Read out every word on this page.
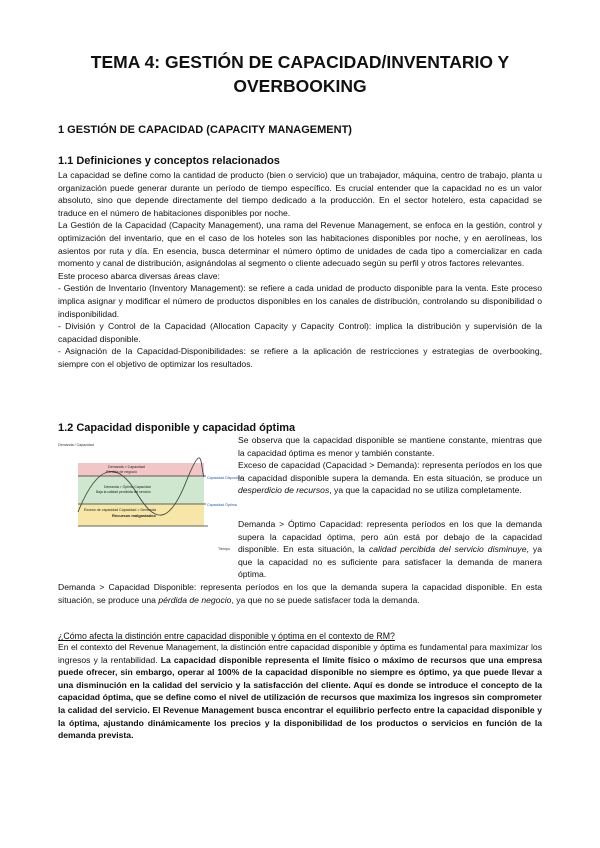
TEMA 4: GESTIÓN DE CAPACIDAD/INVENTARIO Y
OVERBOOKING
1 GESTIÓN DE CAPACIDAD (CAPACITY MANAGEMENT)

1.1 Definiciones y conceptos relacionados

La capacidad se define como la cantidad de producto (bien o servicio) que un trabajador, máquina, centro de trabajo, planta u organización puede generar durante un período de tiempo específico. Es crucial entender que la capacidad no es un valor absoluto, sino que depende directamente del tiempo dedicado a la producción. En el sector hotelero, esta capacidad se traduce en el número de habitaciones disponibles por noche.

La Gestión de la Capacidad (Capacity Management), una rama del Revenue Management, se enfoca en la gestión, control y optimización del inventario, que en el caso de los hoteles son las habitaciones disponibles por noche, y en aerolíneas, los asientos por ruta y día. En esencia, busca determinar el número óptimo de unidades de cada tipo a comercializar en cada momento y canal de distribución, asignándolas al segmento o cliente adecuado según su perfil y otros factores relevantes.

Este proceso abarca diversas áreas clave:

- Gestión de Inventario (Inventory Management): se refiere a cada unidad de producto disponible para la venta. Este proceso implica asignar y modificar el número de productos disponibles en los canales de distribución, controlando su disponibilidad o indisponibilidad.

- División y Control de la Capacidad (Allocation Capacity y Capacity Control): implica la distribución y supervisión de la capacidad disponible.

- Asignación de la Capacidad-Disponibilidades: se refiere a la aplicación de restricciones y estrategias de overbooking, siempre con el objetivo de optimizar los resultados.

1.2 Capacidad disponible y capacidad óptima

Demanda / Capacidad
Demanda > Capacidad
Pérdida de negocio
Demanda > Óptimo Capacidad
Baja la calidad percibida del servicio
Exceso de capacidad Capacidad > Demanda
Recursos malgastados
Capacidad Disponible
Capacidad Óptima
Tiempo

Se observa que la capacidad disponible se mantiene constante, mientras que la capacidad óptima es menor y también constante.

Exceso de capacidad (Capacidad > Demanda): representa períodos en los que la capacidad disponible supera la demanda. En esta situación, se produce un desperdicio de recursos, ya que la capacidad no se utiliza completamente.

Demanda > Óptimo Capacidad: representa períodos en los que la demanda supera la capacidad óptima, pero aún está por debajo de la capacidad disponible. En esta situación, la calidad percibida del servicio disminuye, ya que la capacidad no es suficiente para satisfacer la demanda de manera óptima.

Demanda > Capacidad Disponible: representa períodos en los que la demanda supera la capacidad disponible. En esta situación, se produce una pérdida de negocio, ya que no se puede satisfacer toda la demanda.

¿Cómo afecta la distinción entre capacidad disponible y óptima en el contexto de RM?

En el contexto del Revenue Management, la distinción entre capacidad disponible y óptima es fundamental para maximizar los ingresos y la rentabilidad. La capacidad disponible representa el límite físico o máximo de recursos que una empresa puede ofrecer, sin embargo, operar al 100% de la capacidad disponible no siempre es óptimo, ya que puede llevar a una disminución en la calidad del servicio y la satisfacción del cliente. Aquí es donde se introduce el concepto de la capacidad óptima, que se define como el nivel de utilización de recursos que maximiza los ingresos sin comprometer la calidad del servicio. El Revenue Management busca encontrar el equilibrio perfecto entre la capacidad disponible y la óptima, ajustando dinámicamente los precios y la disponibilidad de los productos o servicios en función de la demanda prevista.
